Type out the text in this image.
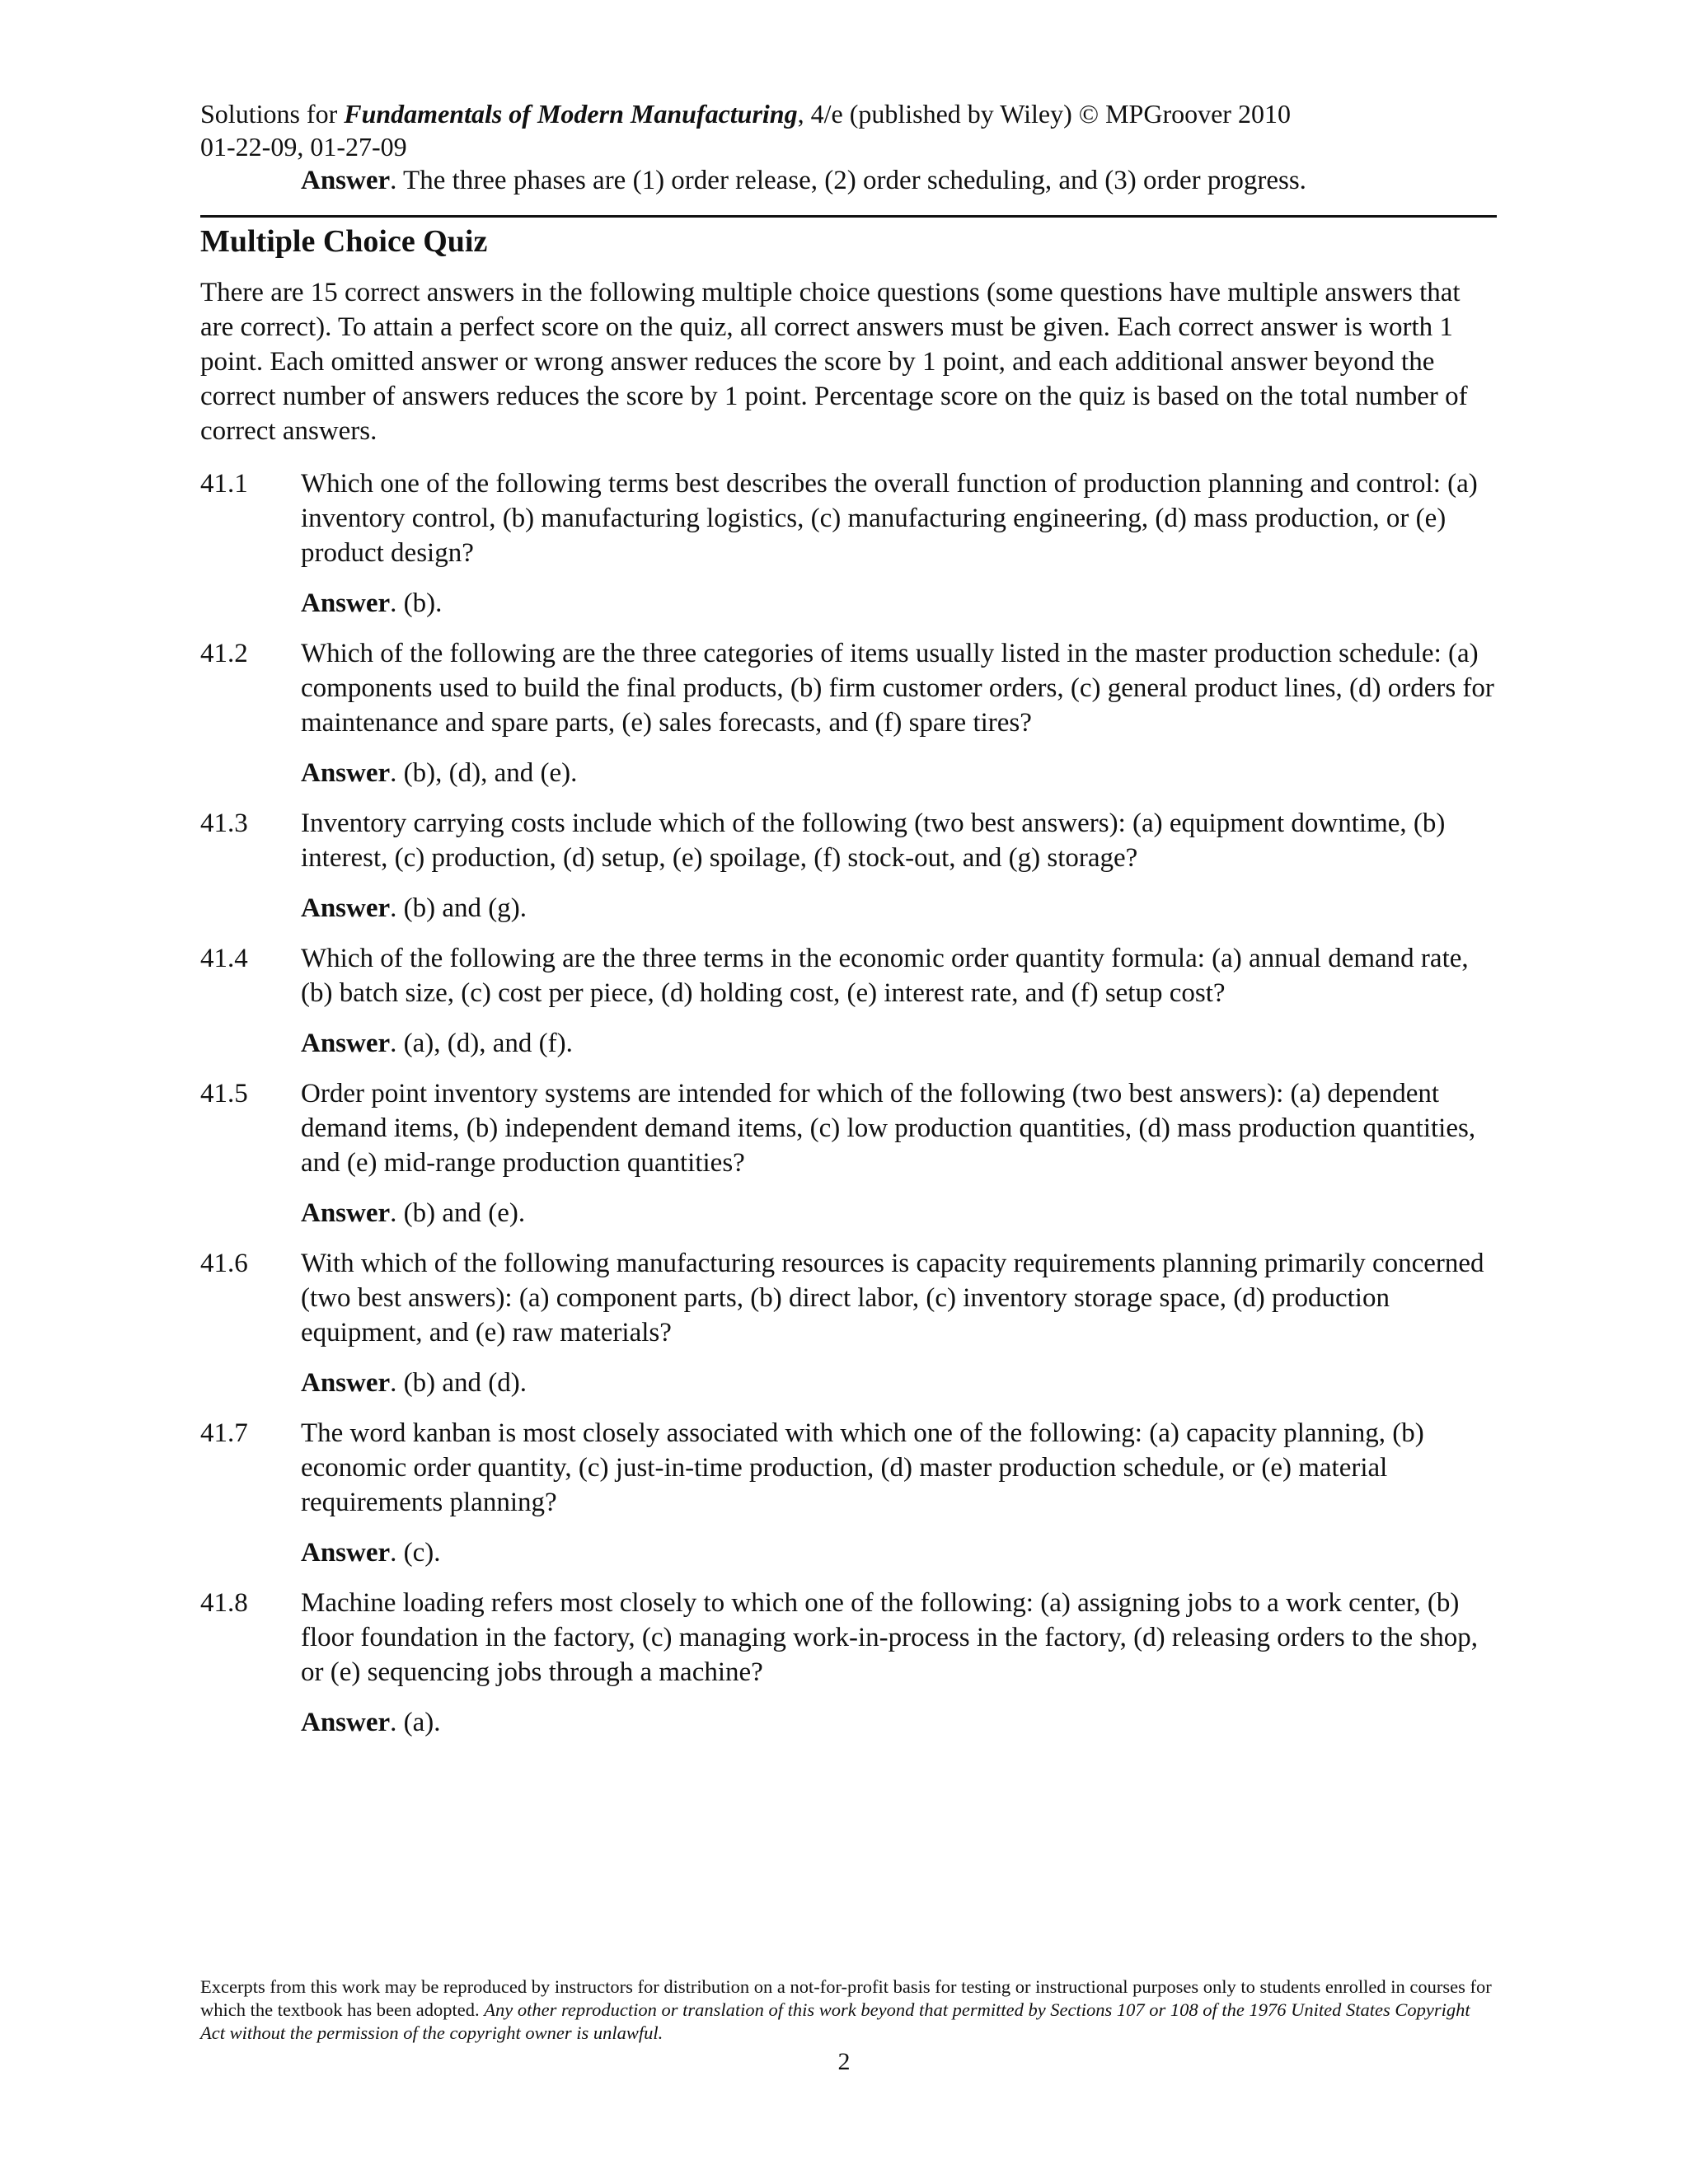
Solutions for Fundamentals of Modern Manufacturing, 4/e (published by Wiley) © MPGroover 2010
01-22-09, 01-27-09
Answer. The three phases are (1) order release, (2) order scheduling, and (3) order progress.
Multiple Choice Quiz
There are 15 correct answers in the following multiple choice questions (some questions have multiple answers that are correct). To attain a perfect score on the quiz, all correct answers must be given. Each correct answer is worth 1 point. Each omitted answer or wrong answer reduces the score by 1 point, and each additional answer beyond the correct number of answers reduces the score by 1 point. Percentage score on the quiz is based on the total number of correct answers.
41.1	Which one of the following terms best describes the overall function of production planning and control: (a) inventory control, (b) manufacturing logistics, (c) manufacturing engineering, (d) mass production, or (e) product design?
Answer. (b).
41.2	Which of the following are the three categories of items usually listed in the master production schedule: (a) components used to build the final products, (b) firm customer orders, (c) general product lines, (d) orders for maintenance and spare parts, (e) sales forecasts, and (f) spare tires?
Answer. (b), (d), and (e).
41.3	Inventory carrying costs include which of the following (two best answers): (a) equipment downtime, (b) interest, (c) production, (d) setup, (e) spoilage, (f) stock-out, and (g) storage?
Answer. (b) and (g).
41.4	Which of the following are the three terms in the economic order quantity formula: (a) annual demand rate, (b) batch size, (c) cost per piece, (d) holding cost, (e) interest rate, and (f) setup cost?
Answer. (a), (d), and (f).
41.5	Order point inventory systems are intended for which of the following (two best answers): (a) dependent demand items, (b) independent demand items, (c) low production quantities, (d) mass production quantities, and (e) mid-range production quantities?
Answer. (b) and (e).
41.6	With which of the following manufacturing resources is capacity requirements planning primarily concerned (two best answers): (a) component parts, (b) direct labor, (c) inventory storage space, (d) production equipment, and (e) raw materials?
Answer. (b) and (d).
41.7	The word kanban is most closely associated with which one of the following: (a) capacity planning, (b) economic order quantity, (c) just-in-time production, (d) master production schedule, or (e) material requirements planning?
Answer. (c).
41.8	Machine loading refers most closely to which one of the following: (a) assigning jobs to a work center, (b) floor foundation in the factory, (c) managing work-in-process in the factory, (d) releasing orders to the shop, or (e) sequencing jobs through a machine?
Answer. (a).
Excerpts from this work may be reproduced by instructors for distribution on a not-for-profit basis for testing or instructional purposes only to students enrolled in courses for which the textbook has been adopted. Any other reproduction or translation of this work beyond that permitted by Sections 107 or 108 of the 1976 United States Copyright Act without the permission of the copyright owner is unlawful.
2
